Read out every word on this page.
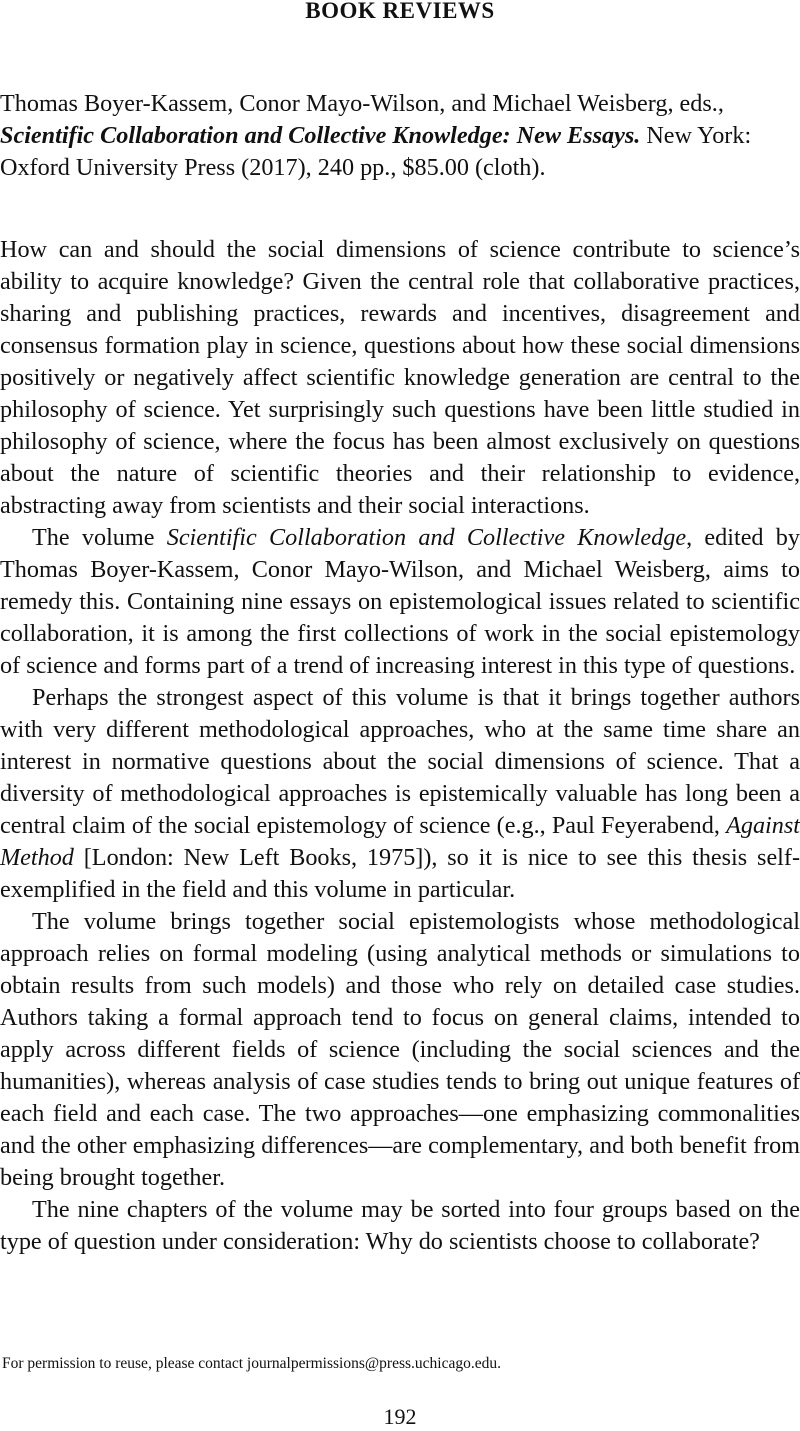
BOOK REVIEWS

Thomas Boyer-Kassem, Conor Mayo-Wilson, and Michael Weisberg, eds., Scientific Collaboration and Collective Knowledge: New Essays. New York: Oxford University Press (2017), 240 pp., $85.00 (cloth).

How can and should the social dimensions of science contribute to science’s ability to acquire knowledge? Given the central role that collaborative practices, sharing and publishing practices, rewards and incentives, disagreement and consensus formation play in science, questions about how these social dimensions positively or negatively affect scientific knowledge generation are central to the philosophy of science. Yet surprisingly such questions have been little studied in philosophy of science, where the focus has been almost exclusively on questions about the nature of scientific theories and their relationship to evidence, abstracting away from scientists and their social interactions.

The volume Scientific Collaboration and Collective Knowledge, edited by Thomas Boyer-Kassem, Conor Mayo-Wilson, and Michael Weisberg, aims to remedy this. Containing nine essays on epistemological issues related to scientific collaboration, it is among the first collections of work in the social epistemology of science and forms part of a trend of increasing interest in this type of questions.

Perhaps the strongest aspect of this volume is that it brings together authors with very different methodological approaches, who at the same time share an interest in normative questions about the social dimensions of science. That a diversity of methodological approaches is epistemically valuable has long been a central claim of the social epistemology of science (e.g., Paul Feyerabend, Against Method [London: New Left Books, 1975]), so it is nice to see this thesis self-exemplified in the field and this volume in particular.

The volume brings together social epistemologists whose methodological approach relies on formal modeling (using analytical methods or simulations to obtain results from such models) and those who rely on detailed case studies. Authors taking a formal approach tend to focus on general claims, intended to apply across different fields of science (including the social sciences and the humanities), whereas analysis of case studies tends to bring out unique features of each field and each case. The two approaches—one emphasizing commonalities and the other emphasizing differences—are complementary, and both benefit from being brought together.

The nine chapters of the volume may be sorted into four groups based on the type of question under consideration: Why do scientists choose to collaborate?

For permission to reuse, please contact journalpermissions@press.uchicago.edu.
192
